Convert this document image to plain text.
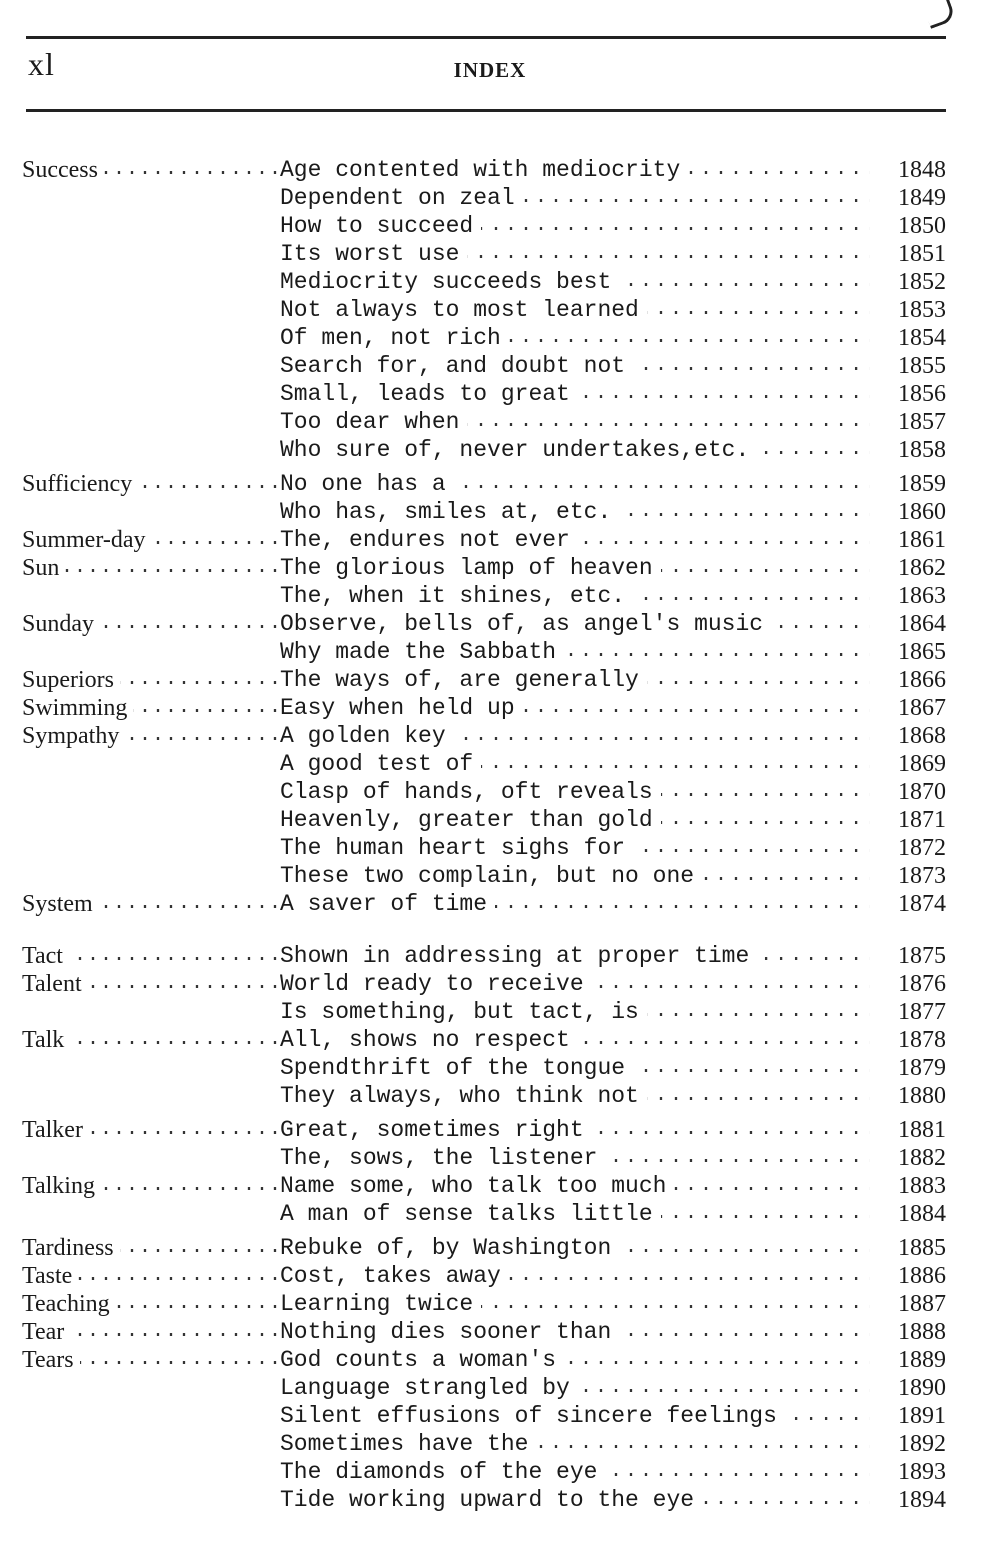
xl	INDEX
.....
Success	Age contented with mediocrity .....	1848
Dependent on zeal .....	1849
How to succeed .....	1850
Its worst use .....	1851
Mediocrity succeeds best .....	1852
Not always to most learned .....	1853
Of men, not rich .....	1854
Search for, and doubt not .....	1855
Small, leads to great .....	1856
Too dear when .....	1857
Who sure of, never undertakes,etc. .....	1858
.....
Sufficiency	No one has a .....	1859
Who has, smiles at, etc. .....	1860
.....
Summer-day	The, endures not ever .....	1861
.....
Sun	The glorious lamp of heaven .....	1862
The, when it shines, etc. .....	1863
.....
Sunday	Observe, bells of, as angel's music .....	1864
Why made the Sabbath .....	1865
.....
Superiors	The ways of, are generally .....	1866
.....
Swimming	Easy when held up .....	1867
.....
Sympathy	A golden key .....	1868
A good test of .....	1869
Clasp of hands, oft reveals .....	1870
Heavenly, greater than gold .....	1871
The human heart sighs for .....	1872
These two complain, but no one .....	1873
.....
System	A saver of time .....	1874
.....
Tact	Shown in addressing at proper time .....	1875
.....
Talent	World ready to receive .....	1876
Is something, but tact, is .....	1877
.....
Talk	All, shows no respect .....	1878
Spendthrift of the tongue .....	1879
They always, who think not .....	1880
.....
Talker	Great, sometimes right .....	1881
The, sows, the listener .....	1882
.....
Talking	Name some, who talk too much .....	1883
A man of sense talks little .....	1884
.....
Tardiness	Rebuke of, by Washington .....	1885
.....
Taste	Cost, takes away .....	1886
.....
Teaching	Learning twice .....	1887
.....
Tear	Nothing dies sooner than .....	1888
.....
Tears	God counts a woman's .....	1889
Language strangled by .....	1890
Silent effusions of sincere feelings .....	1891
Sometimes have the .....	1892
The diamonds of the eye .....	1893
Tide working upward to the eye .....	1894
